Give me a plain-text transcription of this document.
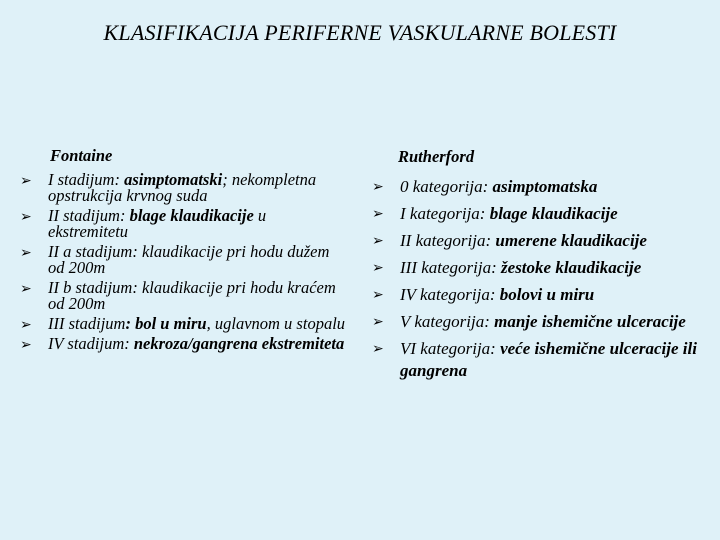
KLASIFIKACIJA PERIFERNE VASKULARNE BOLESTI
Fontaine	Rutherford
➢ I stadijum: asimptomatski; nekompletna opstrukcija krvnog suda
➢ II stadijum: blage klaudikacije u ekstremitetu
➢ II a stadijum: klaudikacije pri hodu dužem od 200m
➢ II b stadijum: klaudikacije pri hodu kraćem od 200m
➢ III stadijum: bol u miru, uglavnom u stopalu
➢ IV stadijum: nekroza/gangrena ekstremiteta
➢ 0 kategorija: asimptomatska
➢ I kategorija: blage klaudikacije
➢ II kategorija: umerene klaudikacije
➢ III kategorija: žestoke klaudikacije
➢ IV kategorija: bolovi u miru
➢ V kategorija: manje ishemične ulceracije
➢ VI kategorija: veće ishemične ulceracije ili gangrena
